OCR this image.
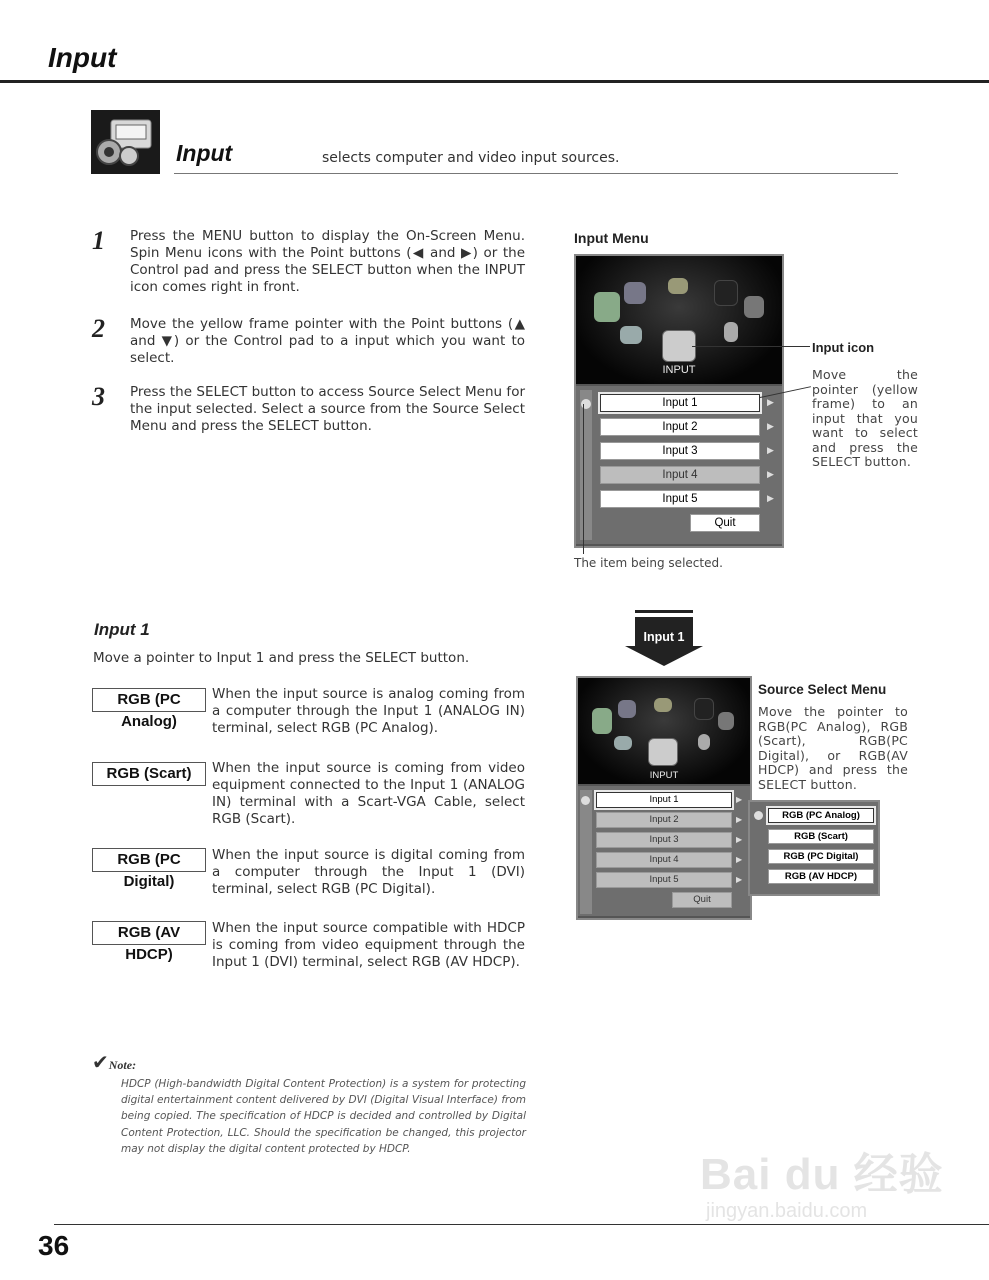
Input
Input	selects computer and video input sources.
1 Press the MENU button to display the On-Screen Menu. Spin Menu icons with the Point buttons (◀ and ▶) or the Control pad and press the SELECT button when the INPUT icon comes right in front.
2 Move the yellow frame pointer with the Point buttons (▲ and ▼) or the Control pad to a input which you want to select.
3 Press the SELECT button to access Source Select Menu for the input selected. Select a source from the Source Select Menu and press the SELECT button.
Input Menu
INPUT
Input 1
Input 2
Input 3
Input 4
Input 5
Quit
▶
▶
▶
▶
▶
Input icon
Move the pointer (yellow frame) to an input that you want to select and press the SELECT button.
The item being selected.
Input 1
Move a pointer to Input 1 and press the SELECT button.
RGB (PC Analog)
When the input source is analog coming from a computer through the Input 1 (ANALOG IN) terminal, select RGB (PC Analog).
RGB (Scart)	When the input source is coming from video equipment connected to the Input 1 (ANALOG IN) terminal with a Scart-VGA Cable, select RGB (Scart).
RGB (PC Digital)
When the input source is digital coming from a computer through the Input 1 (DVI) terminal, select RGB (PC Digital).
RGB (AV HDCP)
When the input source compatible with HDCP is coming from video equipment through the Input 1 (DVI) terminal, select RGB (AV HDCP).
Input 1
INPUT
Input 1
Input 2
Input 3
Input 4
Input 5
Quit
▶
▶
▶
▶
▶
RGB (PC Analog)
RGB (Scart)
RGB (PC Digital)
RGB (AV HDCP)
Source Select Menu
Move the pointer to RGB(PC Analog), RGB (Scart), RGB(PC Digital), or RGB(AV HDCP) and press the SELECT button.
✔Note:
HDCP (High-bandwidth Digital Content Protection) is a system for protecting digital entertainment content delivered by DVI (Digital Visual Interface) from being copied. The specification of HDCP is decided and controlled by Digital Content Protection, LLC. Should the specification be changed, this projector may not display the digital content protected by HDCP.
Bai du 经验
jingyan.baidu.com
36
